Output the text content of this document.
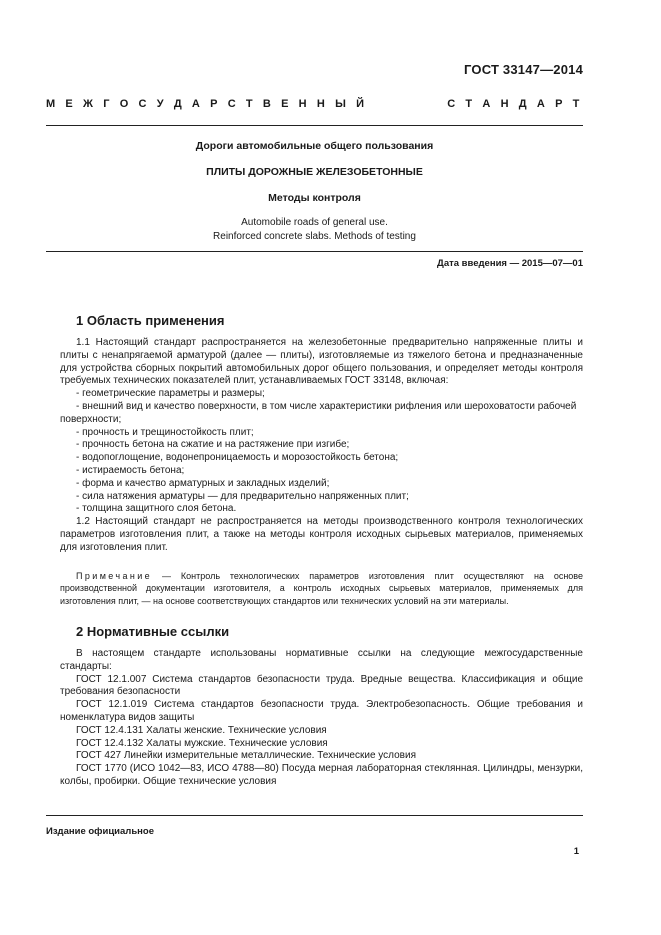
ГОСТ 33147—2014
М Е Ж Г О С У Д А Р С Т В Е Н Н Ы Й	С Т А Н Д А Р Т
Дороги автомобильные общего пользования
ПЛИТЫ ДОРОЖНЫЕ ЖЕЛЕЗОБЕТОННЫЕ
Методы контроля
Automobile roads of general use.
Reinforced concrete slabs. Methods of testing
Дата введения — 2015—07—01
1 Область применения

1.1 Настоящий стандарт распространяется на железобетонные предварительно напряженные плиты и плиты с ненапрягаемой арматурой (далее — плиты), изготовляемые из тяжелого бетона и предназначенные для устройства сборных покрытий автомобильных дорог общего пользования, и определяет методы контроля требуемых технических показателей плит, устанавливаемых ГОСТ 33148, включая:

- геометрические параметры и размеры;

- внешний вид и качество поверхности, в том числе характеристики рифления или шероховатости рабочей поверхности;

- прочность и трещиностойкость плит;

- прочность бетона на сжатие и на растяжение при изгибе;

- водопоглощение, водонепроницаемость и морозостойкость бетона;

- истираемость бетона;

- форма и качество арматурных и закладных изделий;

- сила натяжения арматуры — для предварительно напряженных плит;

- толщина защитного слоя бетона.

1.2 Настоящий стандарт не распространяется на методы производственного контроля технологических параметров изготовления плит, а также на методы контроля исходных сырьевых материалов, применяемых для изготовления плит.

Примечание — Контроль технологических параметров изготовления плит осуществляют на основе производственной документации изготовителя, а контроль исходных сырьевых материалов, применяемых для изготовления плит, — на основе соответствующих стандартов или технических условий на эти материалы.

2 Нормативные ссылки

В настоящем стандарте использованы нормативные ссылки на следующие межгосударственные стандарты:

ГОСТ 12.1.007 Система стандартов безопасности труда. Вредные вещества. Классификация и общие требования безопасности

ГОСТ 12.1.019 Система стандартов безопасности труда. Электробезопасность. Общие требования и номенклатура видов защиты

ГОСТ 12.4.131 Халаты женские. Технические условия

ГОСТ 12.4.132 Халаты мужские. Технические условия

ГОСТ 427 Линейки измерительные металлические. Технические условия

ГОСТ 1770 (ИСО 1042—83, ИСО 4788—80) Посуда мерная лабораторная стеклянная. Цилиндры, мензурки, колбы, пробирки. Общие технические условия

Издание официальное
1
